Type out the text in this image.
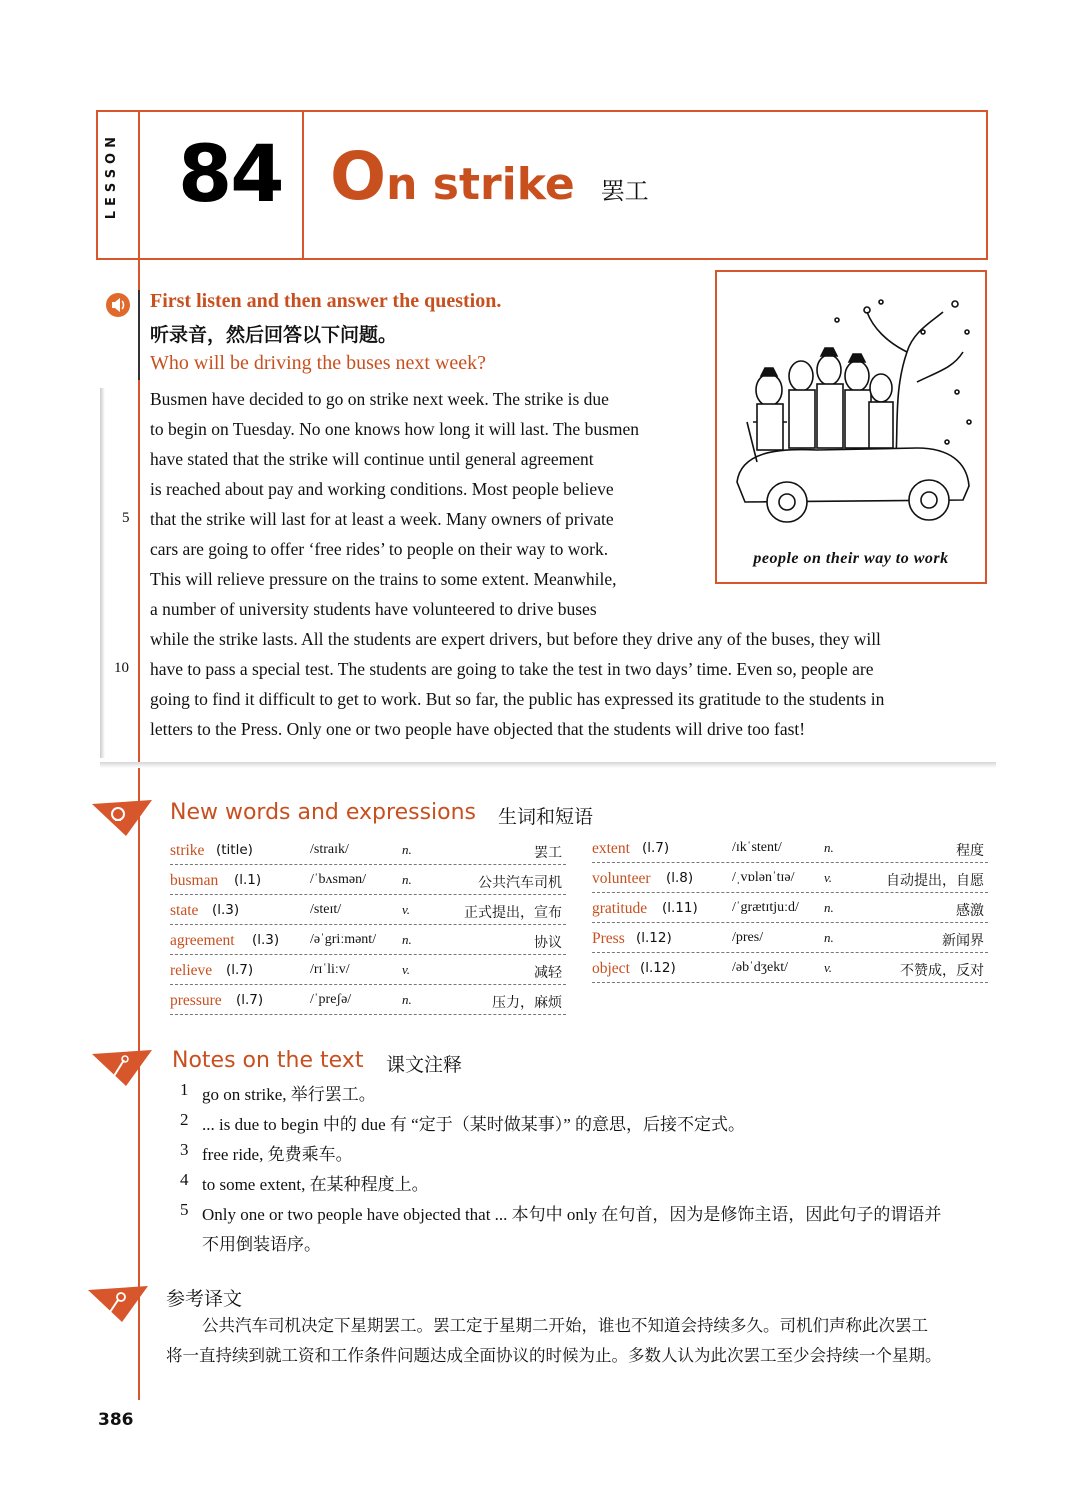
LESSON 84 On strike 罢工
First listen and then answer the question.
听录音，然后回答以下问题。
Who will be driving the buses next week?
Busmen have decided to go on strike next week. The strike is due
to begin on Tuesday. No one knows how long it will last. The busmen
have stated that the strike will continue until general agreement
is reached about pay and working conditions. Most people believe
that the strike will last for at least a week. Many owners of private
cars are going to offer ‘free rides’ to people on their way to work.
This will relieve pressure on the trains to some extent. Meanwhile,
a number of university students have volunteered to drive buses
while the strike lasts. All the students are expert drivers, but before they drive any of the buses, they will
have to pass a special test. The students are going to take the test in two days’ time. Even so, people are
going to find it difficult to get to work. But so far, the public has expressed its gratitude to the students in
letters to the Press. Only one or two people have objected that the students will drive too fast!
5
10
people on their way to work
New words and expressions 生词和短语
strike (title)	/straɪk/	n.	罢工
busman (l.1)	/ˈbʌsmən/	n.	公共汽车司机
state (l.3)	/steɪt/	v.	正式提出，宣布
agreement (l.3) /əˈgriːmənt/ n.	协议
relieve (l.7)	/rɪˈliːv/	v.	减轻
pressure (l.7)	/ˈpreʃə/	n.	压力，麻烦
extent (l.7)	/ɪkˈstent/	n.	程度
volunteer (l.8)	/ˌvɒlənˈtɪə/ v.	自动提出，自愿
gratitude (l.11) /ˈgrætɪtjuːd/ n.	感激
Press (l.12)	/pres/	n.	新闻界
object (l.12)	/əbˈdʒekt/	v.	不赞成，反对
Notes on the text 课文注释
1 go on strike, 举行罢工。
2 ... is due to begin 中的 due 有 “定于（某时做某事）” 的意思，后接不定式。
3 free ride, 免费乘车。
4 to some extent, 在某种程度上。
5 Only one or two people have objected that ... 本句中 only 在句首，因为是修饰主语，因此句子的谓语并
不用倒装语序。
参考译文
公共汽车司机决定下星期罢工。罢工定于星期二开始，谁也不知道会持续多久。司机们声称此次罢工
将一直持续到就工资和工作条件问题达成全面协议的时候为止。多数人认为此次罢工至少会持续一个星期。
386
